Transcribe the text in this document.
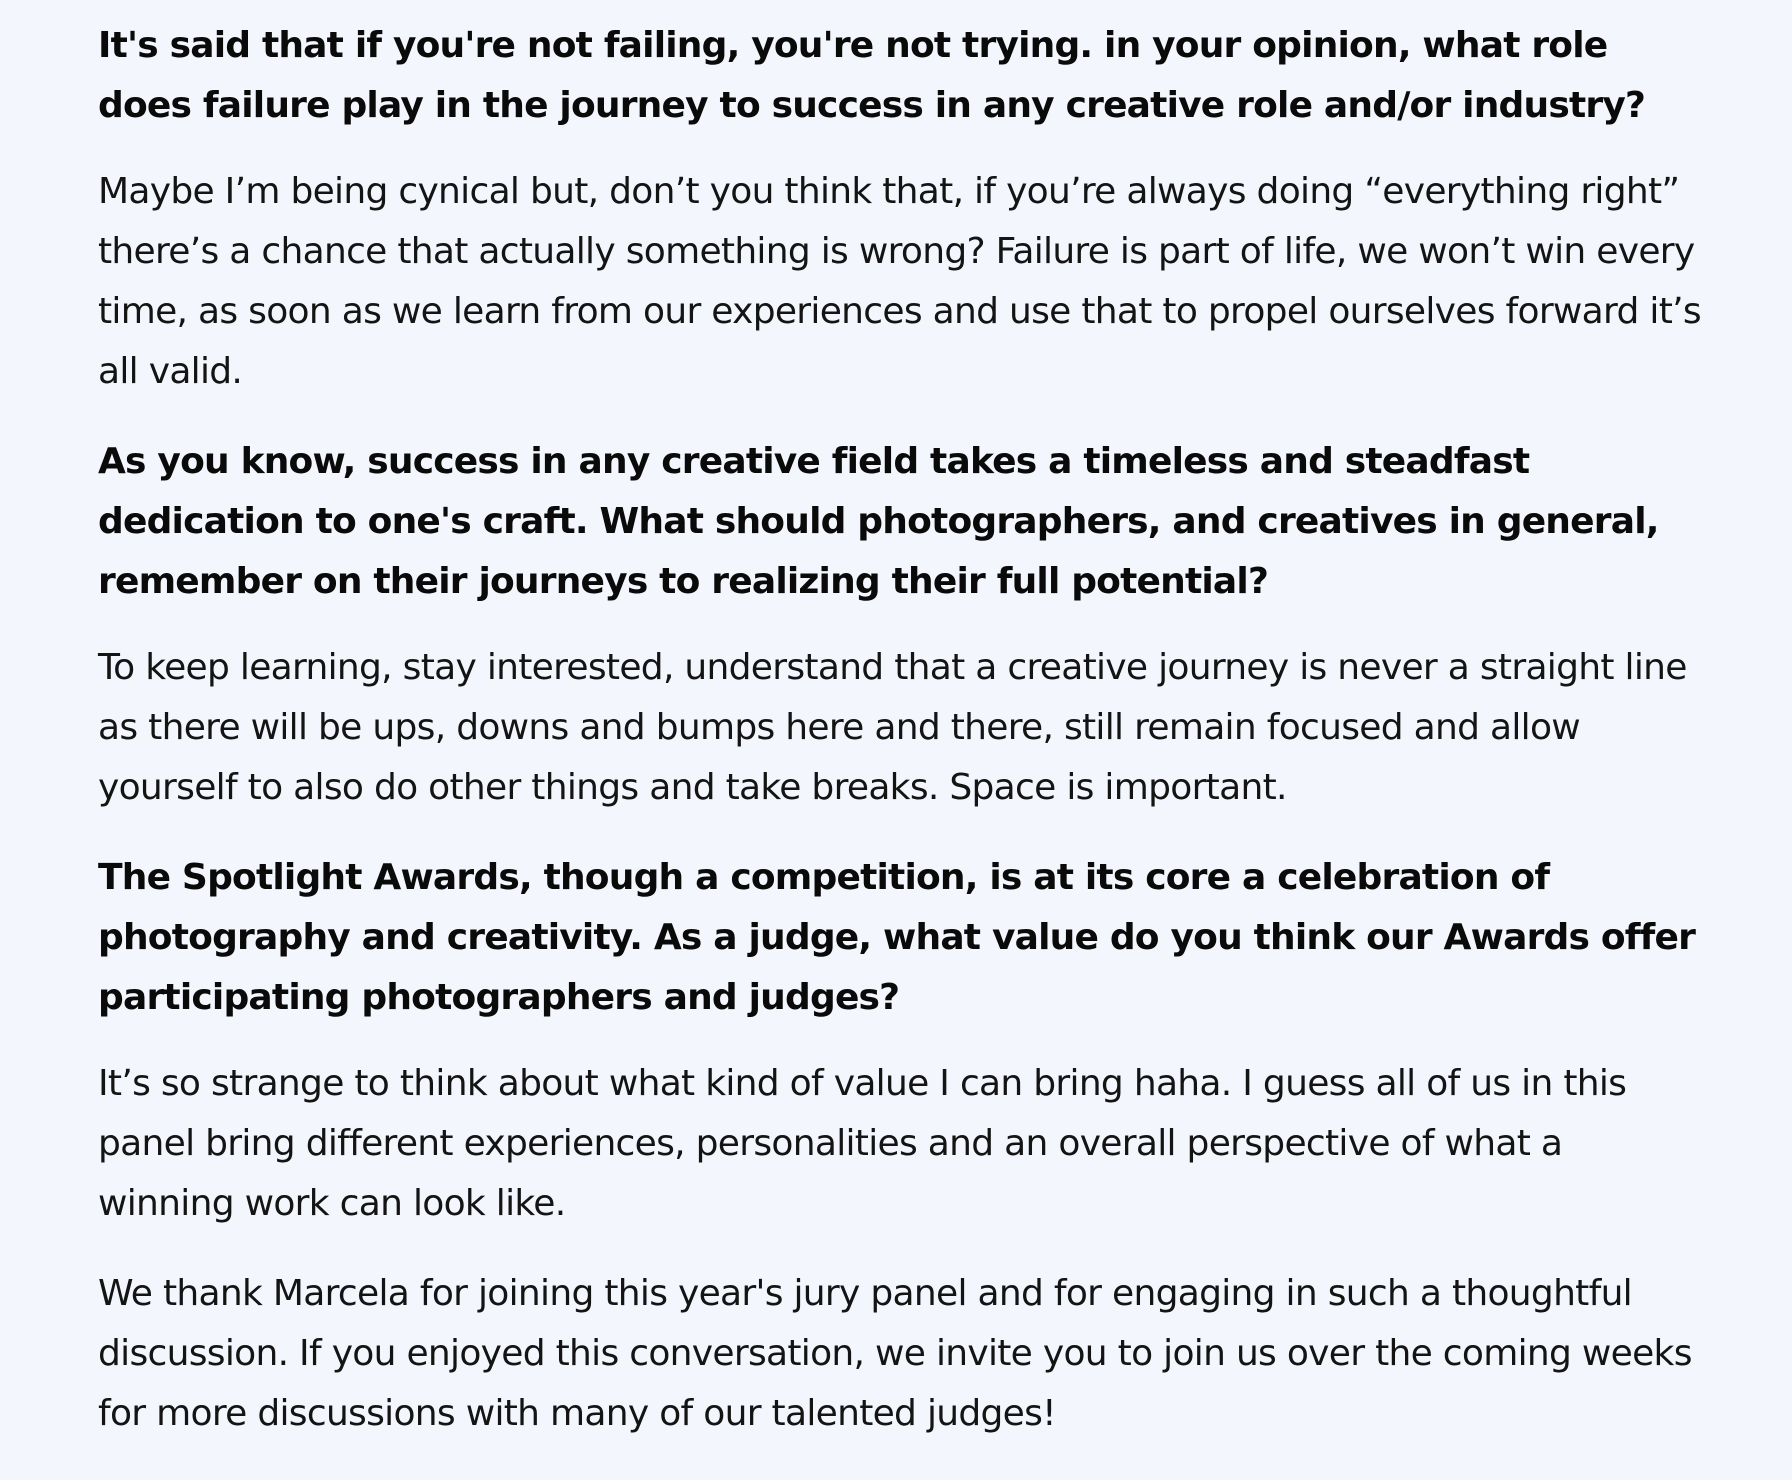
It's said that if you're not failing, you're not trying. in your opinion, what role does failure play in the journey to success in any creative role and/or industry?

Maybe I’m being cynical but, don’t you think that, if you’re always doing “everything right” there’s a chance that actually something is wrong? Failure is part of life, we won’t win every time, as soon as we learn from our experiences and use that to propel ourselves forward it’s all valid.

As you know, success in any creative field takes a timeless and steadfast dedication to one's craft. What should photographers, and creatives in general, remember on their journeys to realizing their full potential?

To keep learning, stay interested, understand that a creative journey is never a straight line as there will be ups, downs and bumps here and there, still remain focused and allow yourself to also do other things and take breaks. Space is important.

The Spotlight Awards, though a competition, is at its core a celebration of photography and creativity. As a judge, what value do you think our Awards offer participating photographers and judges?

It’s so strange to think about what kind of value I can bring haha. I guess all of us in this panel bring different experiences, personalities and an overall perspective of what a winning work can look like.

We thank Marcela for joining this year's jury panel and for engaging in such a thoughtful discussion. If you enjoyed this conversation, we invite you to join us over the coming weeks for more discussions with many of our talented judges!
